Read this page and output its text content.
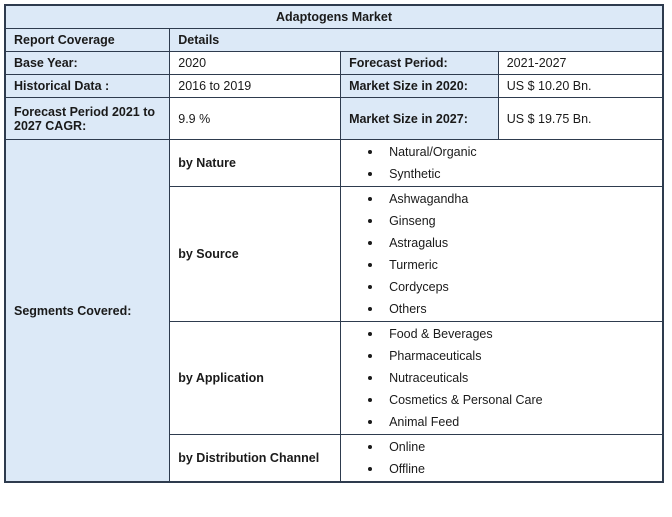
Adaptogens Market			
Report Coverage	Details		
Base Year:	2020	Forecast Period:	2021-2027
Historical Data :	2016 to 2019	Market Size in 2020:	US $ 10.20 Bn.
Forecast Period 2021 to 2027 CAGR:	9.9 %	Market Size in 2027:	US $ 19.75 Bn.
Segments Covered:	by Nature	
• Natural/Organic
• Synthetic

by Source	
• Ashwagandha
• Ginseng
• Astragalus
• Turmeric
• Cordyceps
• Others

by Application	
• Food & Beverages
• Pharmaceuticals
• Nutraceuticals
• Cosmetics & Personal Care
• Animal Feed

by Distribution Channel	
• Online
• Offline
